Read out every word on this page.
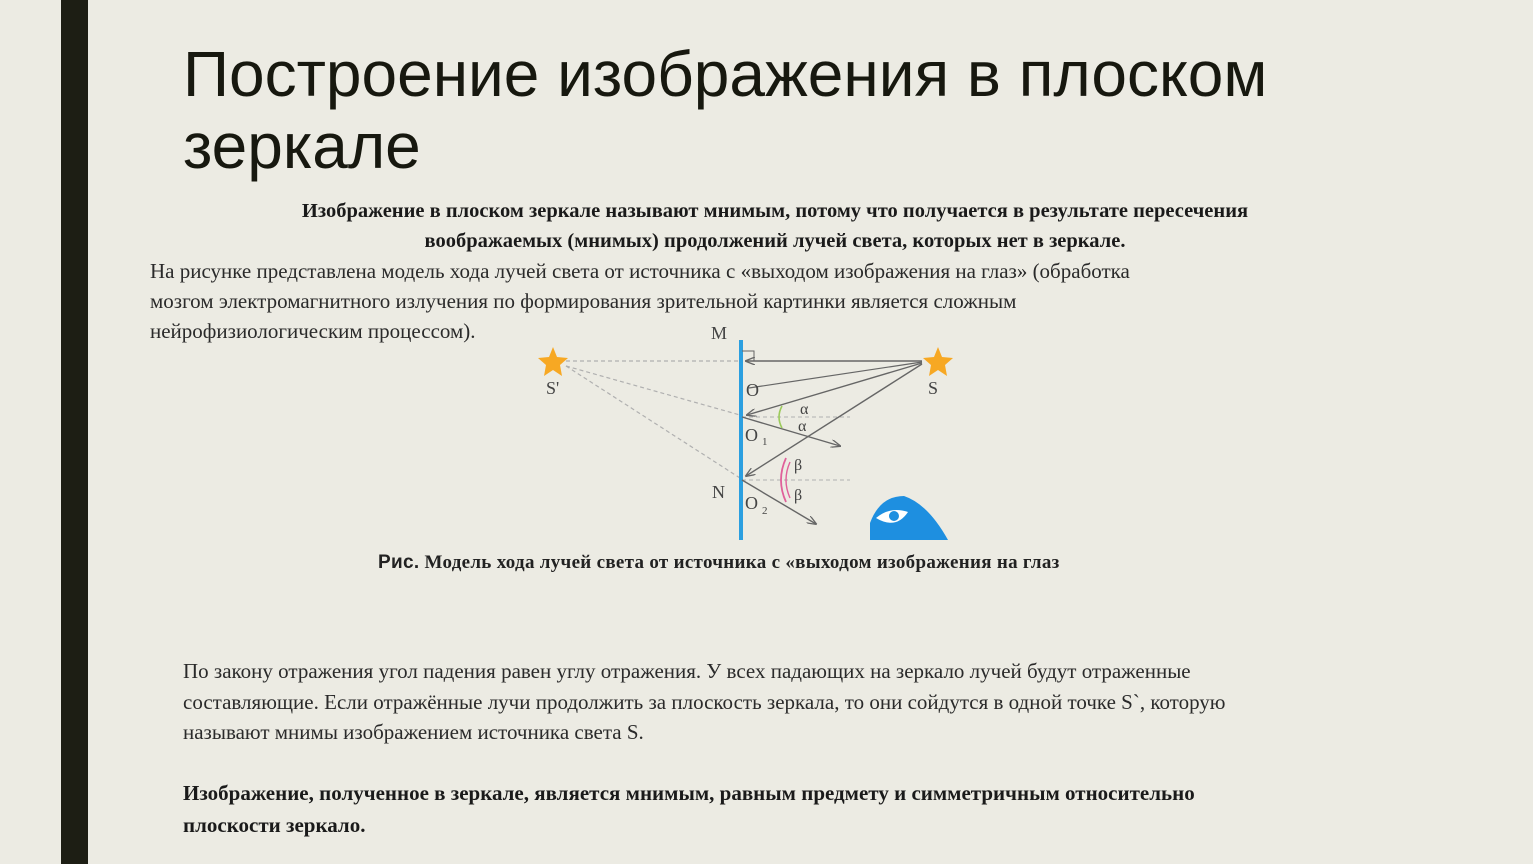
Построение изображения в плоском
зеркале
Изображение в плоском зеркале называют мнимым, потому что получается в результате пересечения
воображаемых (мнимых) продолжений лучей света, которых нет в зеркале.
На рисунке представлена модель хода лучей света от источника с «выходом изображения на глаз» (обработка
мозгом электромагнитного излучения по формирования зрительной картинки является сложным
нейрофизиологическим процессом).	M
O
O 1
N
O 2
S
S'
α
α
β
β
Рис. Модель хода лучей света от источника с «выходом изображения на глаз
По закону отражения угол падения равен углу отражения. У всех падающих на зеркало лучей будут отраженные
составляющие. Если отражённые лучи продолжить за плоскость зеркала, то они сойдутся в одной точке S`, которую
называют мнимы изображением источника света S.
Изображение, полученное в зеркале, является мнимым, равным предмету и симметричным относительно
плоскости зеркало.
